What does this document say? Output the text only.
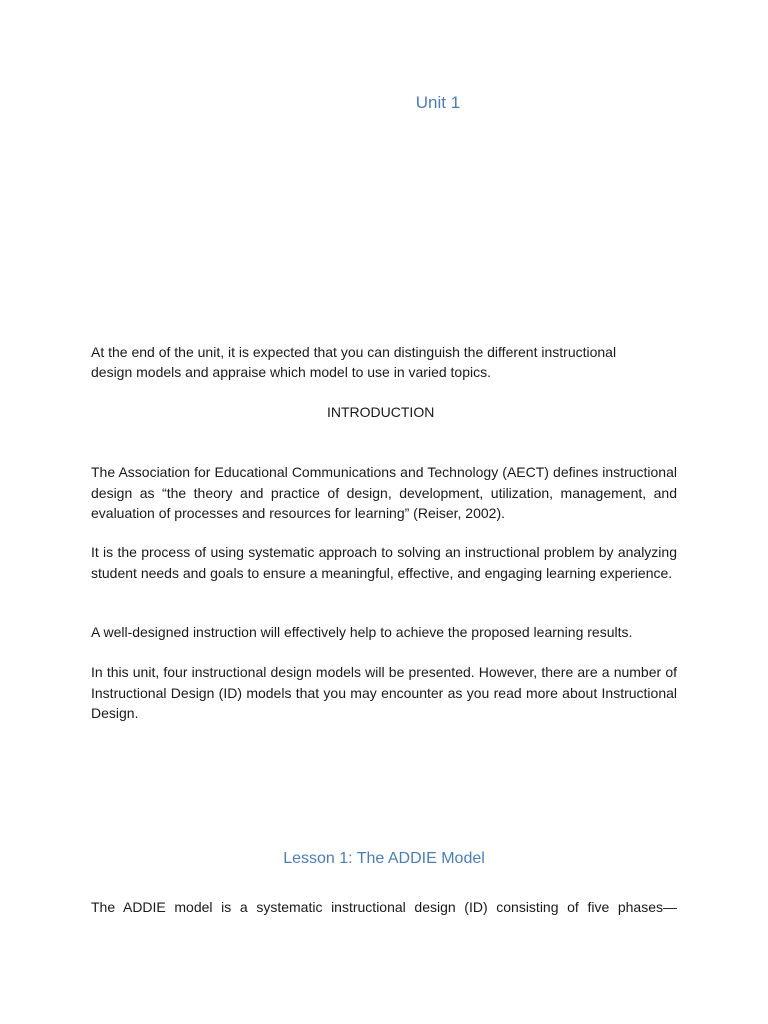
Unit 1

At the end of the unit, it is expected that you can distinguish the different instructional design models and appraise which model to use in varied topics.

INTRODUCTION

The Association for Educational Communications and Technology (AECT) defines instructional design as “the theory and practice of design, development, utilization, management, and evaluation of processes and resources for learning” (Reiser, 2002).

It is the process of using systematic approach to solving an instructional problem by analyzing student needs and goals to ensure a meaningful, effective, and engaging learning experience.

A well-designed instruction will effectively help to achieve the proposed learning results.

In this unit, four instructional design models will be presented. However, there are a number of Instructional Design (ID) models that you may encounter as you read more about Instructional Design.

Lesson 1: The ADDIE Model

The ADDIE model is a systematic instructional design (ID) consisting of five phases—
